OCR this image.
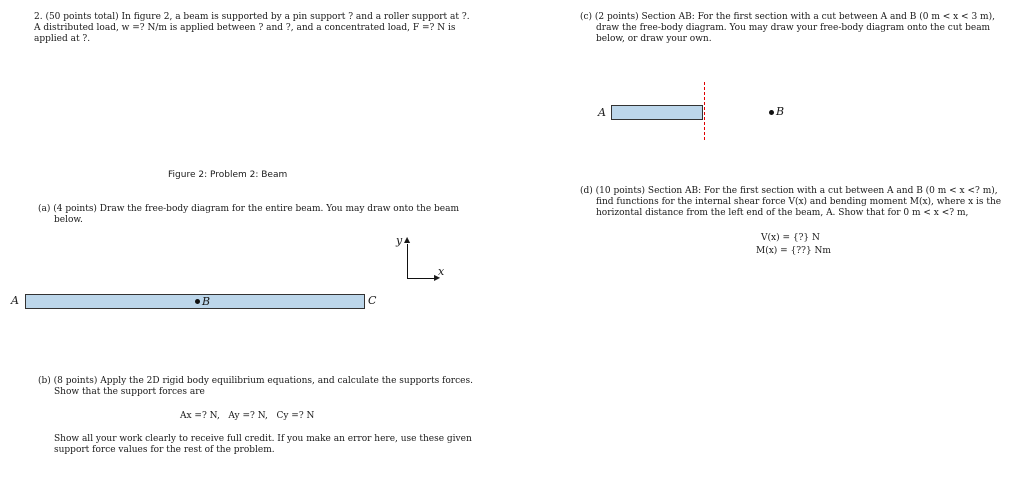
2. (50 points total) In figure 2, a beam is supported by a pin support ? and a roller support at ?.
A distributed load, w =? N/m is applied between ? and ?, and a concentrated load, F =? N is
applied at ?.
Figure 2: Problem 2: Beam
(a) (4 points) Draw the free-body diagram for the entire beam. You may draw onto the beam
below.
y ▲
▶
x
A	B	C
(b) (8 points) Apply the 2D rigid body equilibrium equations, and calculate the supports forces.
Show that the support forces are
Ax =? N,   Ay =? N,   Cy =? N
Show all your work clearly to receive full credit. If you make an error here, use these given
support force values for the rest of the problem.
(c) (2 points) Section AB: For the first section with a cut between A and B (0 m < x < 3 m),
draw the free-body diagram. You may draw your free-body diagram onto the cut beam
below, or draw your own.
A	B
(d) (10 points) Section AB: For the first section with a cut between A and B (0 m < x <? m),
find functions for the internal shear force V(x) and bending moment M(x), where x is the
horizontal distance from the left end of the beam, A. Show that for 0 m < x <? m,
V(x) = {?} N
M(x) = {??} Nm
